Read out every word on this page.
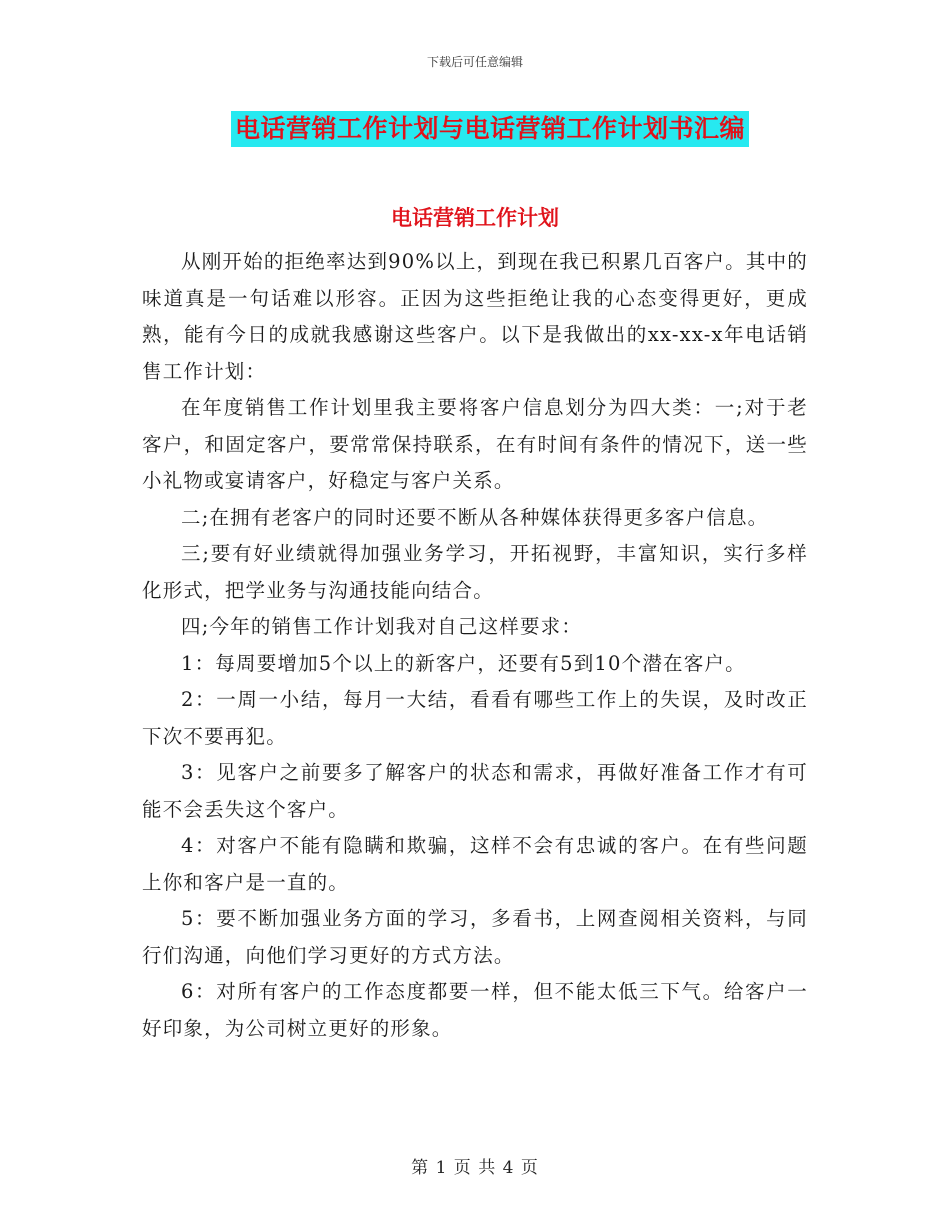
下载后可任意编辑
电话营销工作计划与电话营销工作计划书汇编
电话营销工作计划

从刚开始的拒绝率达到90%以上，到现在我已积累几百客户。其中的味道真是一句话难以形容。正因为这些拒绝让我的心态变得更好，更成熟，能有今日的成就我感谢这些客户。以下是我做出的xx-xx-x年电话销售工作计划：

在年度销售工作计划里我主要将客户信息划分为四大类：一;对于老客户，和固定客户，要常常保持联系，在有时间有条件的情况下，送一些小礼物或宴请客户，好稳定与客户关系。

二;在拥有老客户的同时还要不断从各种媒体获得更多客户信息。

三;要有好业绩就得加强业务学习，开拓视野，丰富知识，实行多样化形式，把学业务与沟通技能向结合。

四;今年的销售工作计划我对自己这样要求：

1：每周要增加5个以上的新客户，还要有5到10个潜在客户。

2：一周一小结，每月一大结，看看有哪些工作上的失误，及时改正下次不要再犯。

3：见客户之前要多了解客户的状态和需求，再做好准备工作才有可能不会丢失这个客户。

4：对客户不能有隐瞒和欺骗，这样不会有忠诚的客户。在有些问题上你和客户是一直的。

5：要不断加强业务方面的学习，多看书，上网查阅相关资料，与同行们沟通，向他们学习更好的方式方法。

6：对所有客户的工作态度都要一样，但不能太低三下气。给客户一好印象，为公司树立更好的形象。

第 1 页 共 4 页
